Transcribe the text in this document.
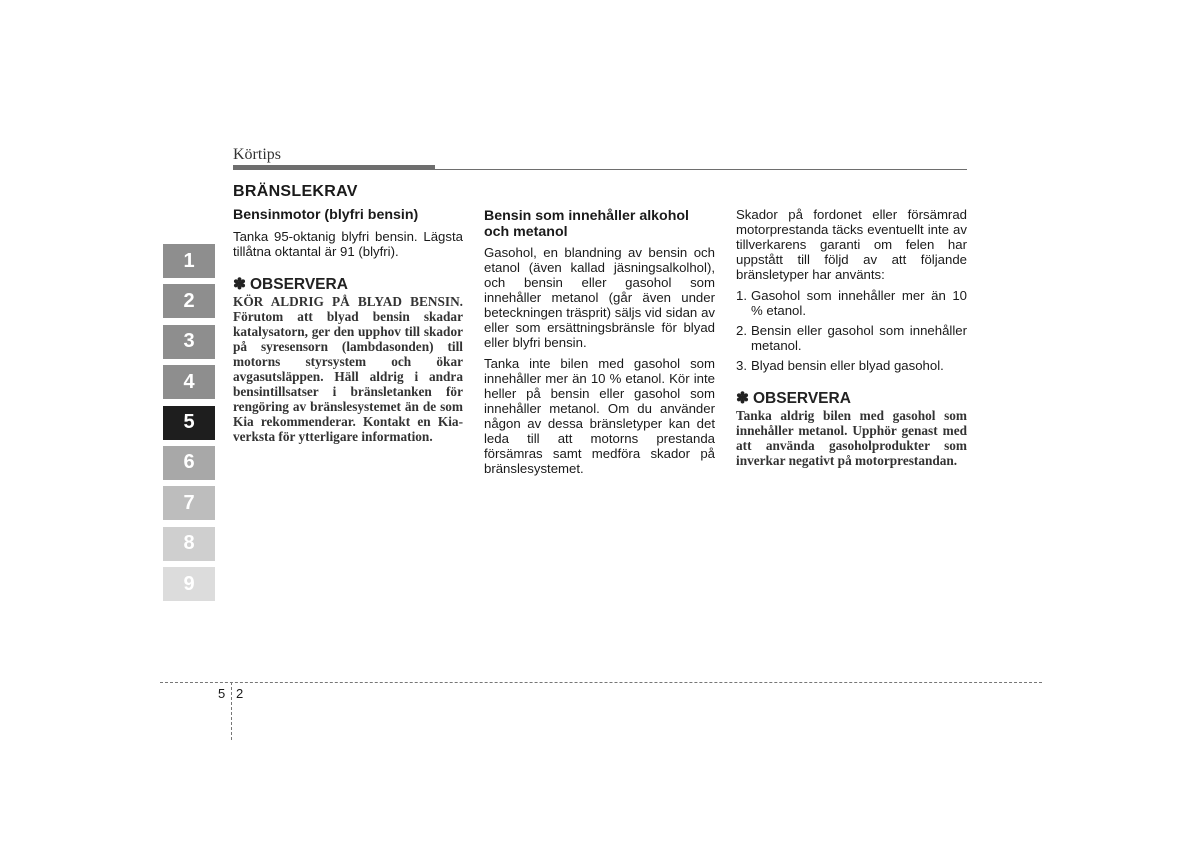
Körtips
BRÄNSLEKRAV
Bensinmotor (blyfri bensin)

Tanka 95-oktanig blyfri bensin. Lägsta tillåtna oktantal är 91 (blyfri).

✽ OBSERVERA
KÖR ALDRIG PÅ BLYAD BENSIN. Förutom att blyad bensin skadar katalysatorn, ger den upphov till skador på syresensorn (lambdasonden) till motorns styrsystem och ökar avgasutsläppen. Häll aldrig i andra bensintillsatser i bränsletanken för rengöring av bränslesystemet än de som Kia rekommenderar. Kontakt en Kia-verksta för ytterligare information.
Bensin som innehåller alkohol och metanol

Gasohol, en blandning av bensin och etanol (även kallad jäsningsalkolhol), och bensin eller gasohol som innehåller metanol (går även under beteckningen träsprit) säljs vid sidan av eller som ersättningsbränsle för blyad eller blyfri bensin.

Tanka inte bilen med gasohol som innehåller mer än 10 % etanol. Kör inte heller på bensin eller gasohol som innehåller metanol. Om du använder någon av dessa bränsletyper kan det leda till att motorns prestanda försämras samt medföra skador på bränslesystemet.

Skador på fordonet eller försämrad motorprestanda täcks eventuellt inte av tillverkarens garanti om felen har uppstått till följd av att följande bränsletyper har använts:

1. Gasohol som innehåller mer än 10 % etanol.
2. Bensin eller gasohol som innehåller metanol.
3. Blyad bensin eller blyad gasohol.
✽ OBSERVERA
Tanka aldrig bilen med gasohol som innehåller metanol. Upphör genast med att använda gasoholprodukter som inverkar negativt på motorprestandan.
1
2
3
4
5
6
7
8
9
5 2
